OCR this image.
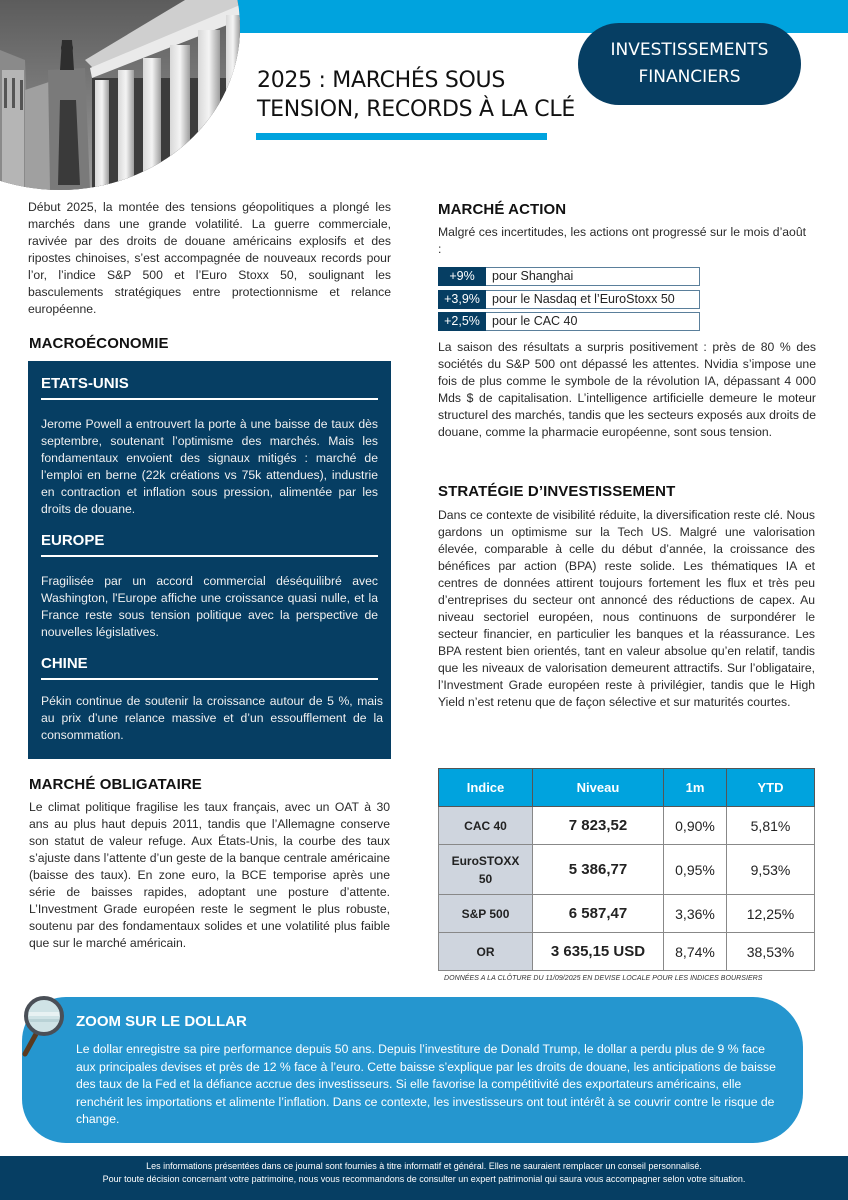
2025 : MARCHÉS SOUS
TENSION, RECORDS À LA CLÉ
INVESTISSEMENTS
FINANCIERS

Début 2025, la montée des tensions géopolitiques a plongé les marchés dans une grande volatilité. La guerre commerciale, ravivée par des droits de douane américains explosifs et des ripostes chinoises, s’est accompagnée de nouveaux records pour l’or, l’indice S&P 500 et l’Euro Stoxx 50, soulignant les basculements stratégiques entre protectionnisme et relance européenne.

MACROÉCONOMIE
ETATS-UNIS

Jerome Powell a entrouvert la porte à une baisse de taux dès septembre, soutenant l’optimisme des marchés. Mais les fondamentaux envoient des signaux mitigés : marché de l’emploi en berne (22k créations vs 75k attendues), industrie en contraction et inflation sous pression, alimentée par les droits de douane.

EUROPE

Fragilisée par un accord commercial déséquilibré avec Washington, l'Europe affiche une croissance quasi nulle, et la France reste sous tension politique avec la perspective de nouvelles législatives.

CHINE

Pékin continue de soutenir la croissance autour de 5 %, mais au prix d’une relance massive et d’un essoufflement de la consommation.

MARCHÉ OBLIGATAIRE

Le climat politique fragilise les taux français, avec un OAT à 30 ans au plus haut depuis 2011, tandis que l’Allemagne conserve son statut de valeur refuge. Aux États-Unis, la courbe des taux s’ajuste dans l’attente d’un geste de la banque centrale américaine (baisse des taux). En zone euro, la BCE temporise après une série de baisses rapides, adoptant une posture d’attente. L’Investment Grade européen reste le segment le plus robuste, soutenu par des fondamentaux solides et une volatilité plus faible que sur le marché américain.

MARCHÉ ACTION

Malgré ces incertitudes, les actions ont progressé sur le mois d’août :

+9%	pour Shanghai
+3,9% pour le Nasdaq et l’EuroStoxx 50
+2,5% pour le CAC 40

La saison des résultats a surpris positivement : près de 80 % des sociétés du S&P 500 ont dépassé les attentes. Nvidia s’impose une fois de plus comme le symbole de la révolution IA, dépassant 4 000 Mds $ de capitalisation. L’intelligence artificielle demeure le moteur structurel des marchés, tandis que les secteurs exposés aux droits de douane, comme la pharmacie européenne, sont sous tension.

STRATÉGIE D’INVESTISSEMENT

Dans ce contexte de visibilité réduite, la diversification reste clé. Nous gardons un optimisme sur la Tech US. Malgré une valorisation élevée, comparable à celle du début d’année, la croissance des bénéfices par action (BPA) reste solide. Les thématiques IA et centres de données attirent toujours fortement les flux et très peu d’entreprises du secteur ont annoncé des réductions de capex. Au niveau sectoriel européen, nous continuons de surpondérer le secteur financier, en particulier les banques et la réassurance. Les BPA restent bien orientés, tant en valeur absolue qu’en relatif, tandis que les niveaux de valorisation demeurent attractifs. Sur l’obligataire, l’Investment Grade européen reste à privilégier, tandis que le High Yield n’est retenu que de façon sélective et sur maturités courtes.

Indice	Niveau	1m	YTD
CAC 40	7 823,52	0,90%	5,81%
EuroSTOXX
50	5 386,77	0,95%	9,53%
S&P 500	6 587,47	3,36%	12,25%
OR	3 635,15 USD	8,74%	38,53%
DONNÉES A LA CLÔTURE DU 11/09/2025 EN DEVISE LOCALE POUR LES INDICES BOURSIERS
ZOOM SUR LE DOLLAR

Le dollar enregistre sa pire performance depuis 50 ans. Depuis l’investiture de Donald Trump, le dollar a perdu plus de 9 % face aux principales devises et près de 12 % face à l’euro. Cette baisse s’explique par les droits de douane, les anticipations de baisse des taux de la Fed et la défiance accrue des investisseurs. Si elle favorise la compétitivité des exportateurs américains, elle renchérit les importations et alimente l’inflation. Dans ce contexte, les investisseurs ont tout intérêt à se couvrir contre le risque de change.

Les informations présentées dans ce journal sont fournies à titre informatif et général. Elles ne sauraient remplacer un conseil personnalisé.
Pour toute décision concernant votre patrimoine, nous vous recommandons de consulter un expert patrimonial qui saura vous accompagner selon votre situation.
